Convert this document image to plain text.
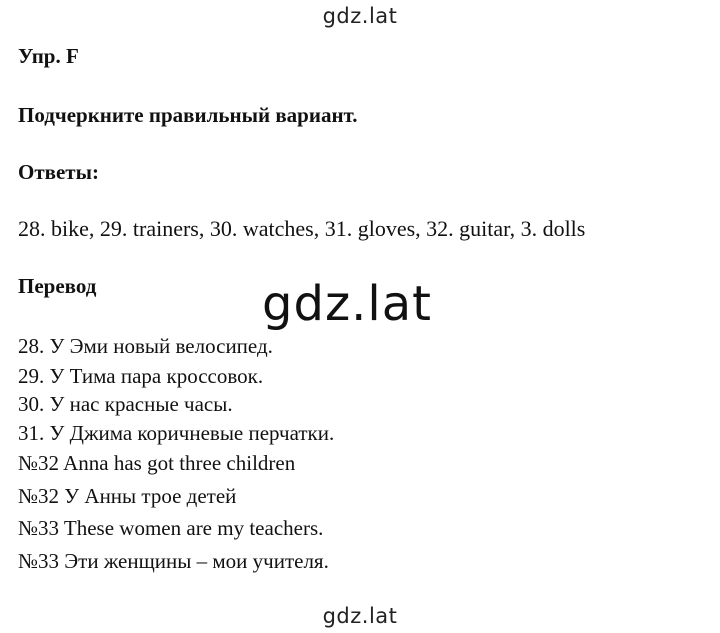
gdz.lat
Упр. F
Подчеркните правильный вариант.
Ответы:
28. bike, 29. trainers, 30. watches, 31. gloves, 32. guitar, 3. dolls
Перевод
28. У Эми новый велосипед.
29. У Тима пара кроссовок.
30. У нас красные часы.
31. У Джима коричневые перчатки.
№32 Anna has got three children
№32 У Анны трое детей
№33 These women are my teachers.
№33 Эти женщины – мои учителя.
gdz.lat
gdz.lat
